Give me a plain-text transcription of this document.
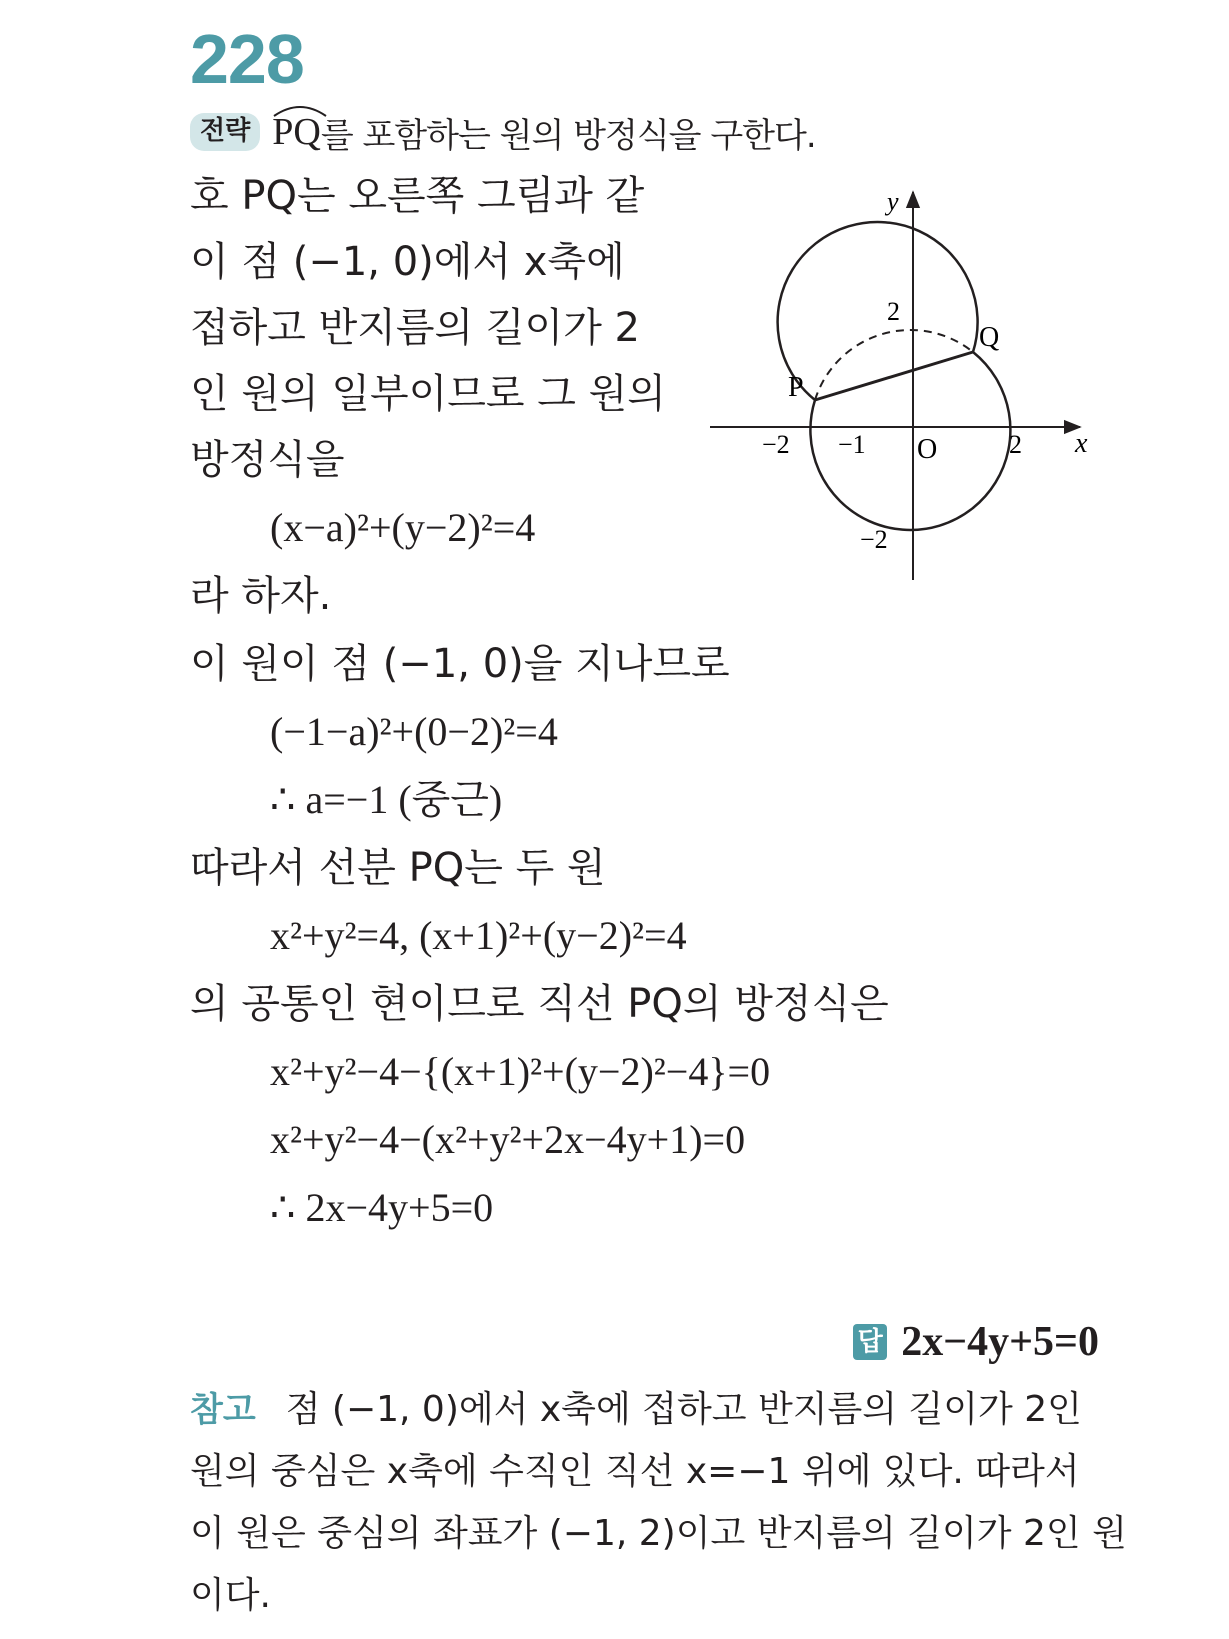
228
전략 PQ 를 포함하는 원의 방정식을 구한다.
호 PQ는 오른쪽 그림과 같
이 점 (−1, 0)에서 x축에
접하고 반지름의 길이가 2
인 원의 일부이므로 그 원의
방정식을
(x−a)²+(y−2)²=4
라 하자.
이 원이 점 (−1, 0)을 지나므로
(−1−a)²+(0−2)²=4
∴ a=−1 (중근)
따라서 선분 PQ는 두 원
x²+y²=4, (x+1)²+(y−2)²=4
의 공통인 현이므로 직선 PQ의 방정식은
x²+y²−4−{(x+1)²+(y−2)²−4}=0
x²+y²−4−(x²+y²+2x−4y+1)=0
∴ 2x−4y+5=0
답 2x−4y+5=0
참고 점 (−1, 0)에서 x축에 접하고 반지름의 길이가 2인
원의 중심은 x축에 수직인 직선 x=−1 위에 있다. 따라서
이 원은 중심의 좌표가 (−1, 2)이고 반지름의 길이가 2인 원
이다.
y
x
O
−2 −1	2
2
−2
P
Q
